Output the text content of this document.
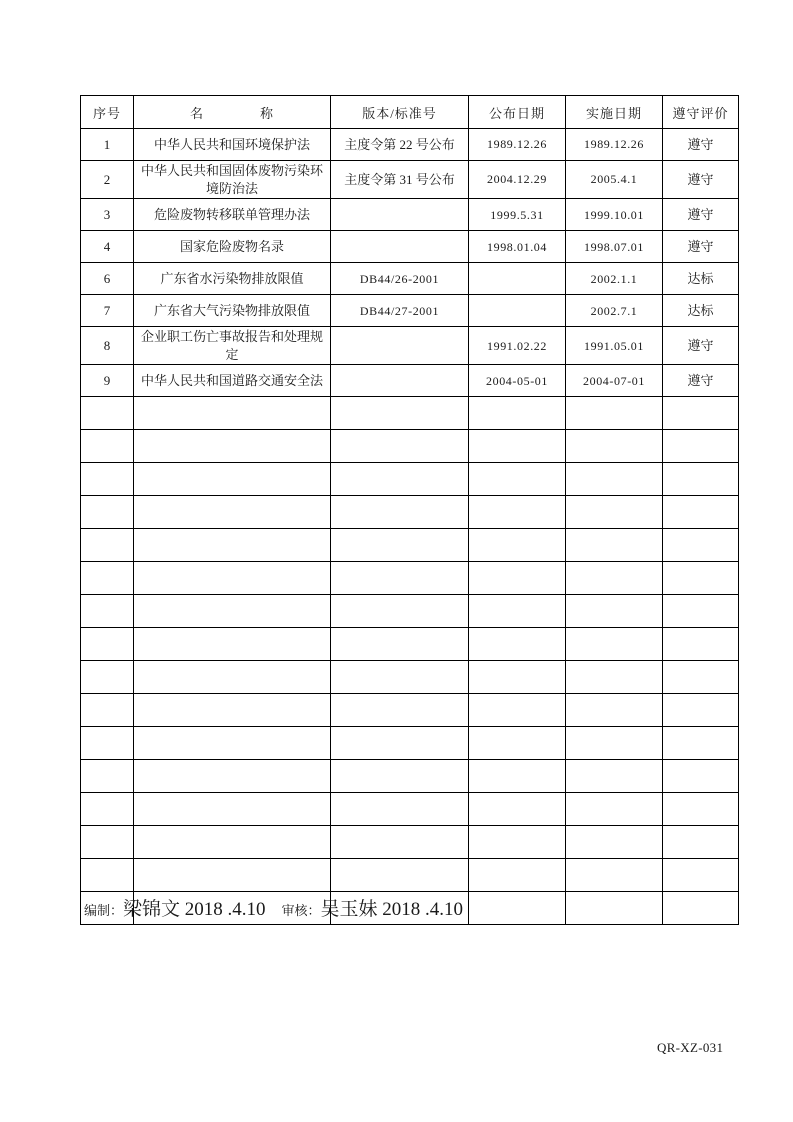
序号	名　　　　称	版本/标准号	公布日期	实施日期	遵守评价
1	中华人民共和国环境保护法	主度令第 22 号公布	1989.12.26	1989.12.26	遵守
2	中华人民共和国固体废物污染环境防治法	主度令第 31 号公布	2004.12.29	2005.4.1	遵守
3	危险废物转移联单管理办法		1999.5.31	1999.10.01	遵守
4	国家危险废物名录		1998.01.04	1998.07.01	遵守
6	广东省水污染物排放限值	DB44/26-2001		2002.1.1	达标
7	广东省大气污染物排放限值	DB44/27-2001		2002.7.1	达标
8	企业职工伤亡事故报告和处理规定		1991.02.22	1991.05.01	遵守
9	中华人民共和国道路交通安全法		2004-05-01	2004-07-01	遵守

编制：梁锦文 2018 .4.10 审核：吴玉妹 2018 .4.10
QR-XZ-031
